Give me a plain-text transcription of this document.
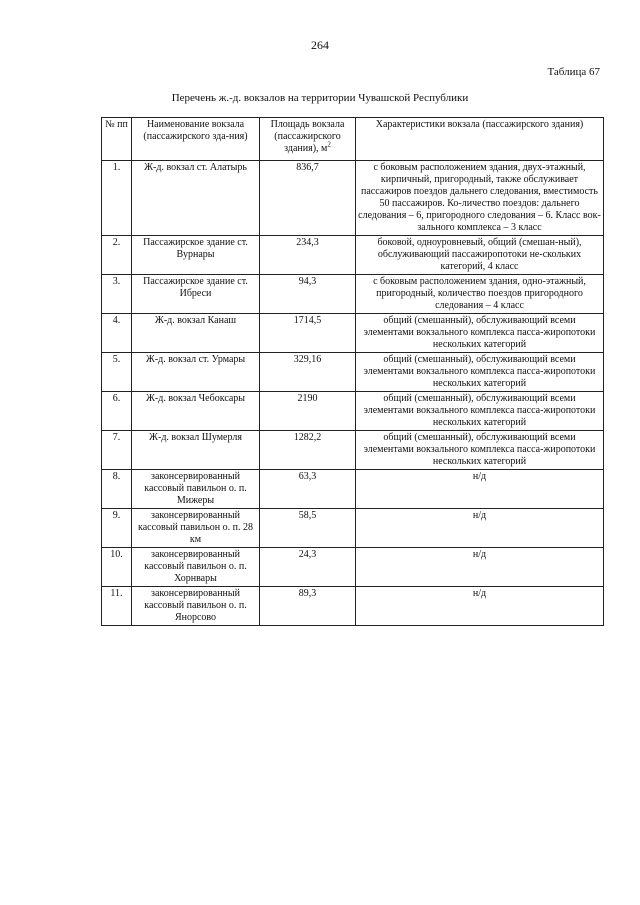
264
Таблица 67
Перечень ж.-д. вокзалов на территории Чувашской Республики
№ пп	Наименование вокзала (пассажирского зда-ния)	Площадь вокзала (пассажирского здания), $м^2$	Характеристики вокзала (пассажирского здания)
1.	Ж-д. вокзал ст. Алатырь	836,7	с боковым расположением здания, двух-этажный, кирпичный, пригородный, также обслуживает пассажиров поездов дальнего следования, вместимость 50 пассажиров. Ко-личество поездов: дальнего следования – 6, пригородного следования – 6. Класс вок-зального комплекса – 3 класс
2.	Пассажирское здание ст. Вурнары	234,3	боковой, одноуровневый, общий (смешан-ный), обслуживающий пассажиропотоки не-скольких категорий, 4 класс
3.	Пассажирское здание ст. Ибреси	94,3	с боковым расположением здания, одно-этажный, пригородный, количество поездов пригородного следования – 4 класс
4.	Ж-д. вокзал Канаш	1714,5	общий (смешанный), обслуживающий всеми элементами вокзального комплекса пасса-жиропотоки нескольких категорий
5.	Ж-д. вокзал ст. Урмары	329,16	общий (смешанный), обслуживающий всеми элементами вокзального комплекса пасса-жиропотоки нескольких категорий
6.	Ж-д. вокзал Чебоксары	2190	общий (смешанный), обслуживающий всеми элементами вокзального комплекса пасса-жиропотоки нескольких категорий
7.	Ж-д. вокзал Шумерля	1282,2	общий (смешанный), обслуживающий всеми элементами вокзального комплекса пасса-жиропотоки нескольких категорий
8.	законсервированный кассовый павильон о. п. Мижеры	63,3	н/д
9.	законсервированный кассовый павильон о. п. 28 км	58,5	н/д
10.	законсервированный кассовый павильон о. п. Хорнвары	24,3	н/д
11.	законсервированный кассовый павильон о. п. Янорсово	89,3	н/д
